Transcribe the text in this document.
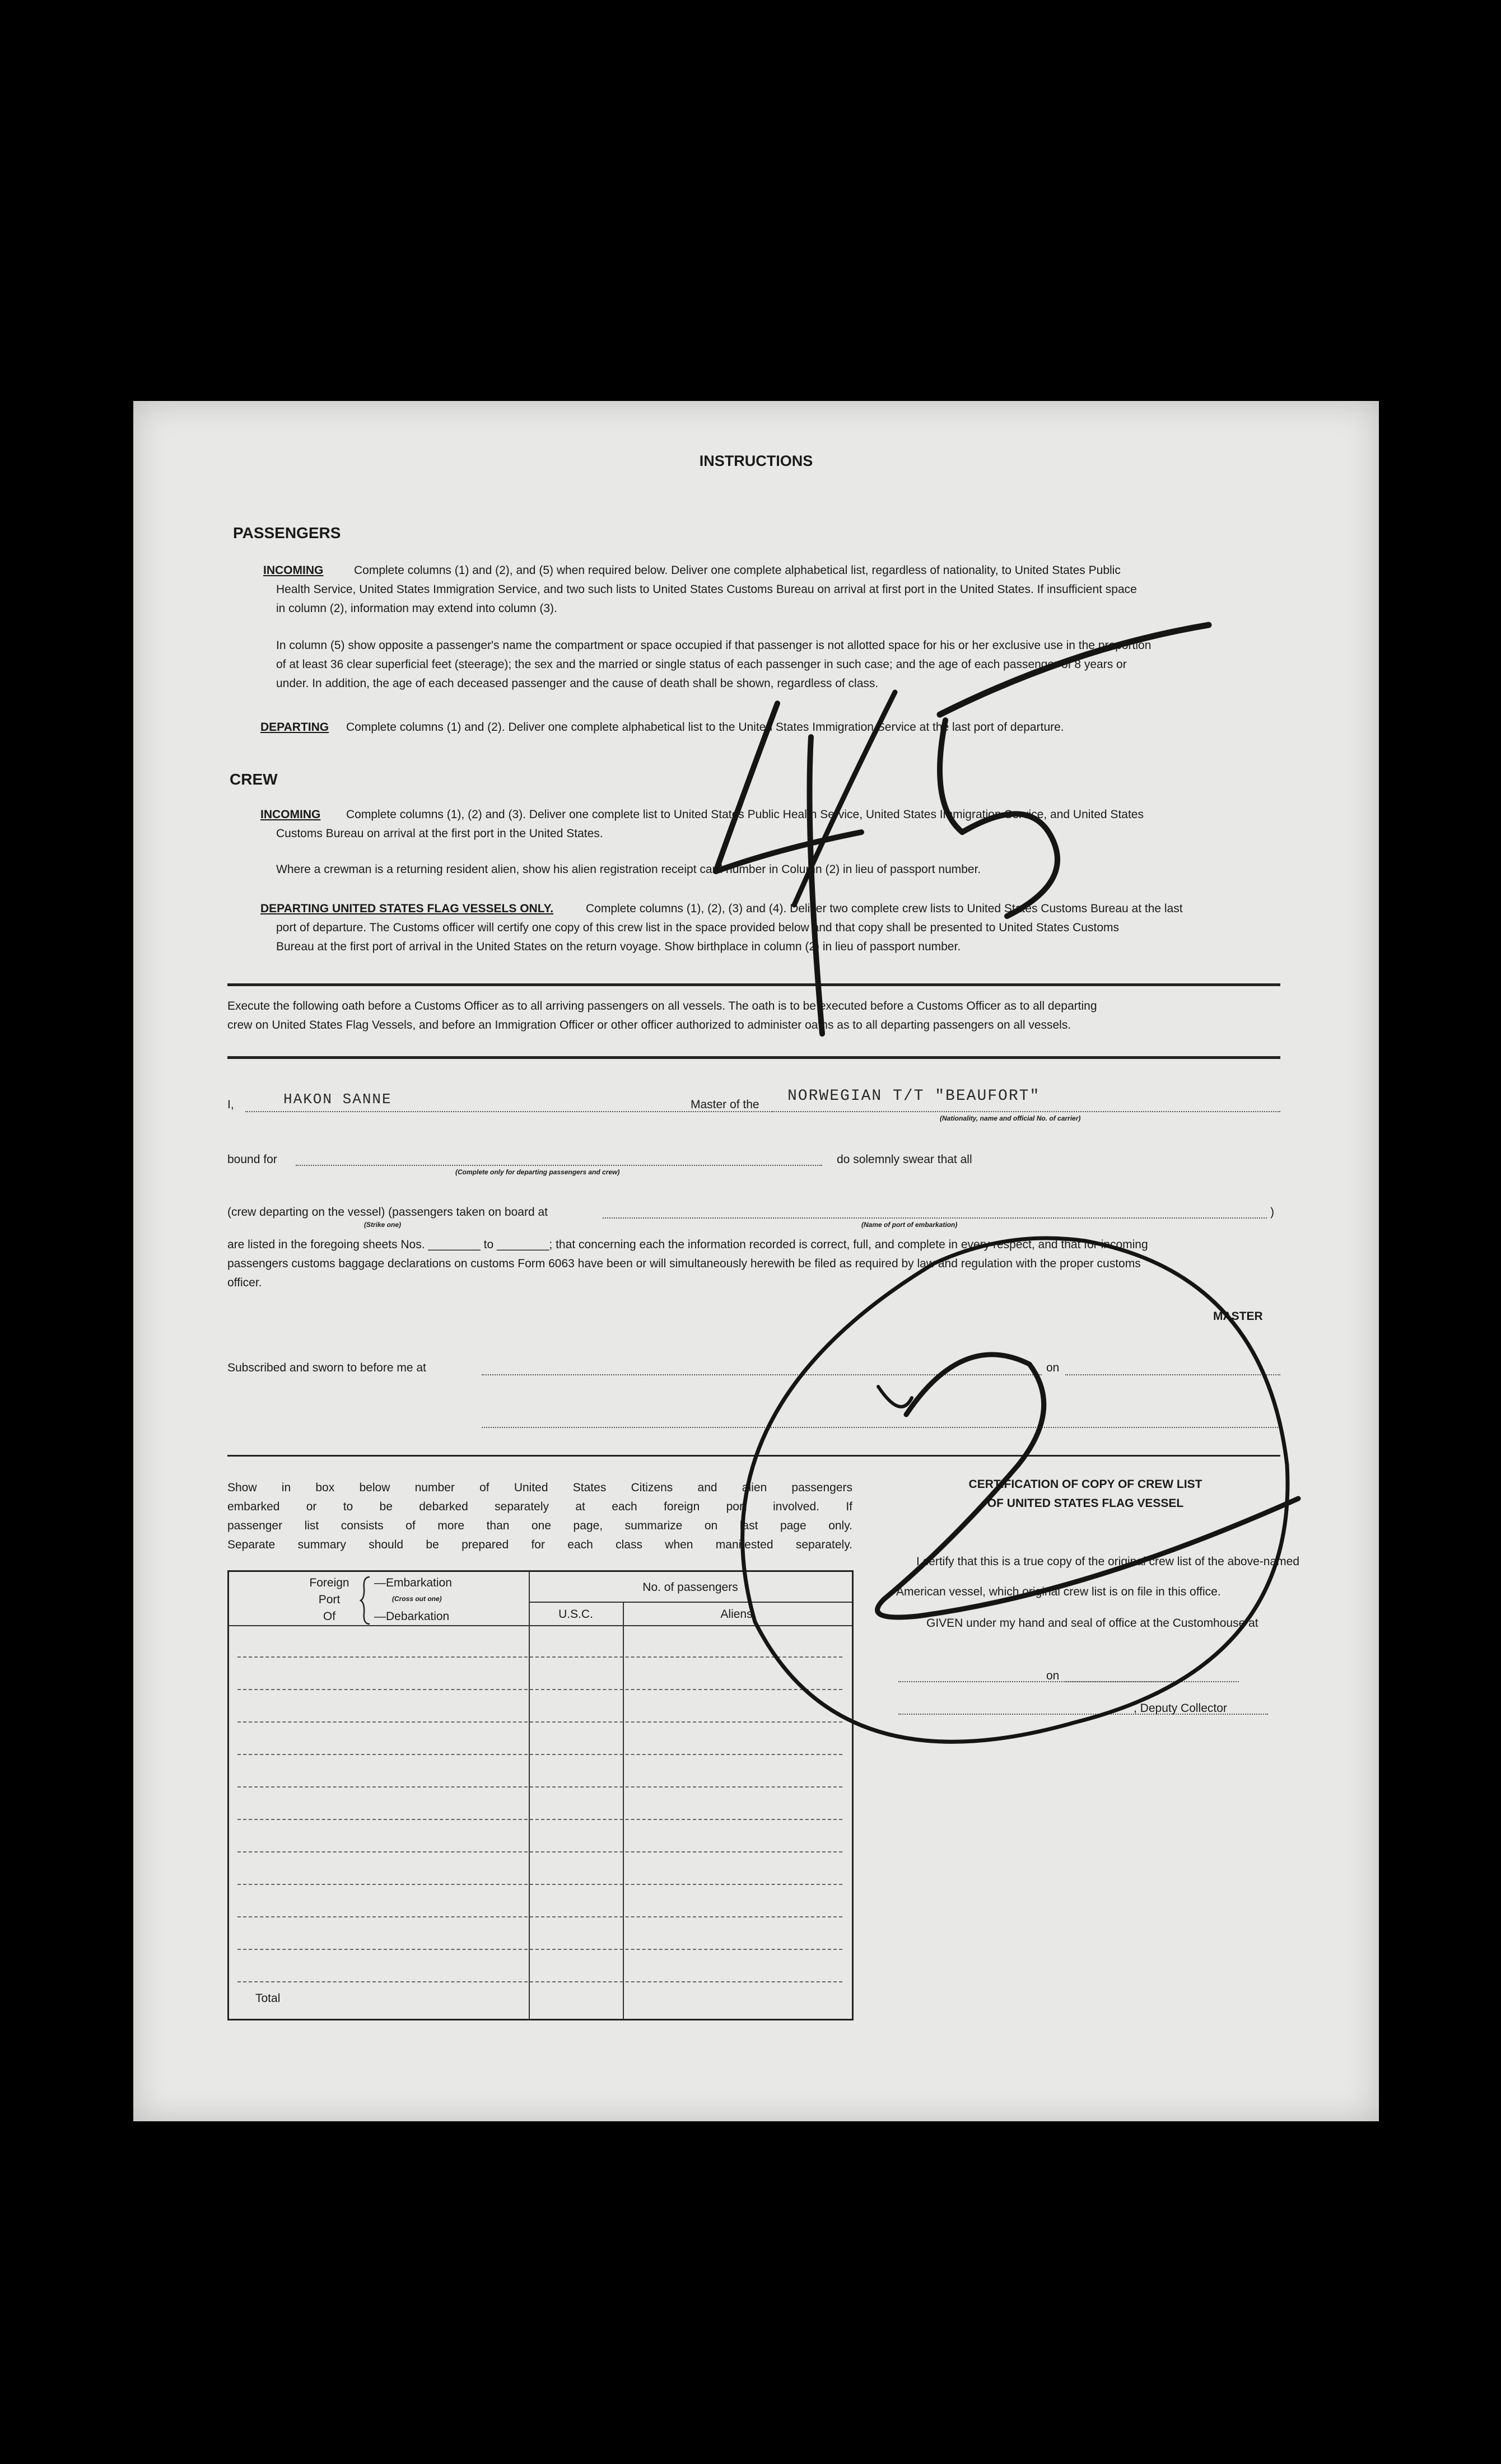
INSTRUCTIONS
PASSENGERS
INCOMING	Complete columns (1) and (2), and (5) when required below. Deliver one complete alphabetical list, regardless of nationality, to United States Public
Health Service, United States Immigration Service, and two such lists to United States Customs Bureau on arrival at first port in the United States. If insufficient space
in column (2), information may extend into column (3).
In column (5) show opposite a passenger's name the compartment or space occupied if that passenger is not allotted space for his or her exclusive use in the proportion
of at least 36 clear superficial feet (steerage); the sex and the married or single status of each passenger in such case; and the age of each passenger of 8 years or
under. In addition, the age of each deceased passenger and the cause of death shall be shown, regardless of class.
DEPARTING Complete columns (1) and (2). Deliver one complete alphabetical list to the United States Immigration Service at the last port of departure.
CREW
INCOMING Complete columns (1), (2) and (3). Deliver one complete list to United States Public Health Service, United States Immigration Service, and United States
Customs Bureau on arrival at the first port in the United States.
Where a crewman is a returning resident alien, show his alien registration receipt card number in Column (2) in lieu of passport number.
DEPARTING UNITED STATES FLAG VESSELS ONLY.	Complete columns (1), (2), (3) and (4). Deliver two complete crew lists to United States Customs Bureau at the last
port of departure. The Customs officer will certify one copy of this crew list in the space provided below and that copy shall be presented to United States Customs
Bureau at the first port of arrival in the United States on the return voyage. Show birthplace in column (2) in lieu of passport number.
Execute the following oath before a Customs Officer as to all arriving passengers on all vessels. The oath is to be executed before a Customs Officer as to all departing
crew on United States Flag Vessels, and before an Immigration Officer or other officer authorized to administer oaths as to all departing passengers on all vessels.
I,	HAKON SANNE	Master of the NORWEGIAN T/T "BEAUFORT"
(Nationality, name and official No. of carrier)
bound for
(Complete only for departing passengers and crew)
do solemnly swear that all
(crew departing on the vessel) (passengers taken on board at	)
(Strike one)	(Name of port of embarkation)
are listed in the foregoing sheets Nos. ________ to ________; that concerning each the information recorded is correct, full, and complete in every respect, and that for incoming
passengers customs baggage declarations on customs Form 6063 have been or will simultaneously herewith be filed as required by law and regulation with the proper customs
officer.
MASTER
Subscribed and sworn to before me at	on
Show in box below number of United States Citizens and alien passengers
embarked or to be debarked separately at each foreign port involved. If
passenger list consists of more than one page, summarize on last page only.
Separate summary should be prepared for each class when manifested separately.
Foreign
Port
Of
—Embarkation
(Cross out one)
—Debarkation
No. of passengers
U.S.C.	Aliens
Total
CERTIFICATION OF COPY OF CREW LIST
OF UNITED STATES FLAG VESSEL
I certify that this is a true copy of the original crew list of the above-named
American vessel, which original crew list is on file in this office.
GIVEN under my hand and seal of office at the Customhouse at
on
, Deputy Collector
